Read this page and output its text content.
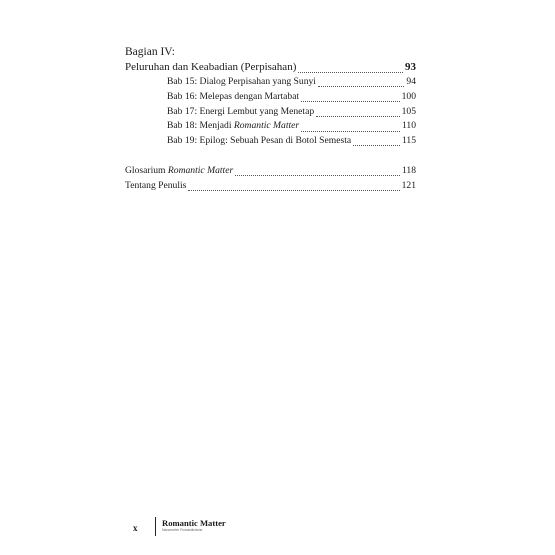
Bagian IV:

Peluruhan dan Keabadian (Perpisahan)	93
Bab 15: Dialog Perpisahan yang Sunyi	94
Bab 16: Melepas dengan Martabat	100
Bab 17: Energi Lembut yang Menetap	105
Bab 18: Menjadi Romantic Matter	110
Bab 19: Epilog: Sebuah Pesan di Botol Semesta	115
Glosarium Romantic Matter	118
Tentang Penulis	121
x	Romantic Matter
Nanometer Romanticisme
